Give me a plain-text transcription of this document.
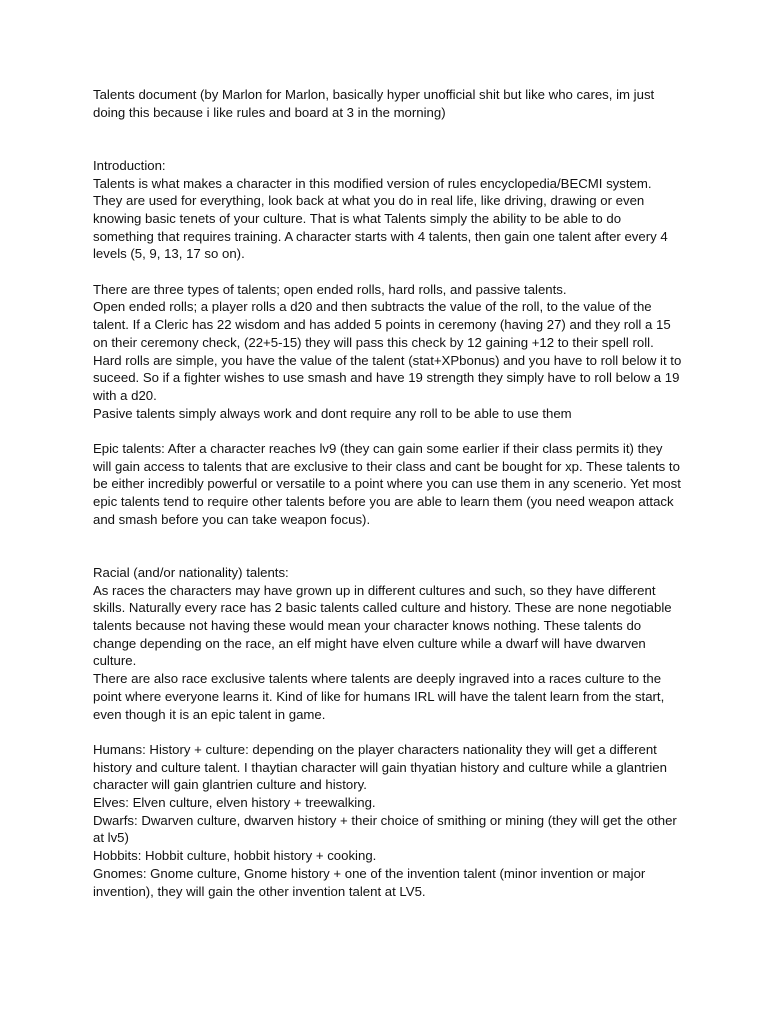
Talents document (by Marlon for Marlon, basically hyper unofficial shit but like who cares, im just doing this because i like rules and board at 3 in the morning)

Introduction:

Talents is what makes a character in this modified version of rules encyclopedia/BECMI system. They are used for everything, look back at what you do in real life, like driving, drawing or even knowing basic tenets of your culture. That is what Talents simply the ability to be able to do something that requires training. A character starts with 4 talents, then gain one talent after every 4 levels (5, 9, 13, 17 so on).

There are three types of talents; open ended rolls, hard rolls, and passive talents.

Open ended rolls; a player rolls a d20 and then subtracts the value of the roll, to the value of the talent. If a Cleric has 22 wisdom and has added 5 points in ceremony (having 27) and they roll a 15 on their ceremony check, (22+5-15) they will pass this check by 12 gaining +12 to their spell roll.

Hard rolls are simple, you have the value of the talent (stat+XPbonus) and you have to roll below it to suceed. So if a fighter wishes to use smash and have 19 strength they simply have to roll below a 19 with a d20.

Pasive talents simply always work and dont require any roll to be able to use them

Epic talents: After a character reaches lv9 (they can gain some earlier if their class permits it) they will gain access to talents that are exclusive to their class and cant be bought for xp. These talents to be either incredibly powerful or versatile to a point where you can use them in any scenerio. Yet most epic talents tend to require other talents before you are able to learn them (you need weapon attack and smash before you can take weapon focus).

Racial (and/or nationality) talents:

As races the characters may have grown up in different cultures and such, so they have different skills. Naturally every race has 2 basic talents called culture and history. These are none negotiable talents because not having these would mean your character knows nothing. These talents do change depending on the race, an elf might have elven culture while a dwarf will have dwarven culture.

There are also race exclusive talents where talents are deeply ingraved into a races culture to the point where everyone learns it. Kind of like for humans IRL will have the talent learn from the start, even though it is an epic talent in game.

Humans: History + culture: depending on the player characters nationality they will get a different history and culture talent. I thaytian character will gain thyatian history and culture while a glantrien character will gain glantrien culture and history.

Elves: Elven culture, elven history + treewalking.

Dwarfs: Dwarven culture, dwarven history + their choice of smithing or mining (they will get the other at lv5)

Hobbits: Hobbit culture, hobbit history + cooking.

Gnomes: Gnome culture, Gnome history + one of the invention talent (minor invention or major invention), they will gain the other invention talent at LV5.
